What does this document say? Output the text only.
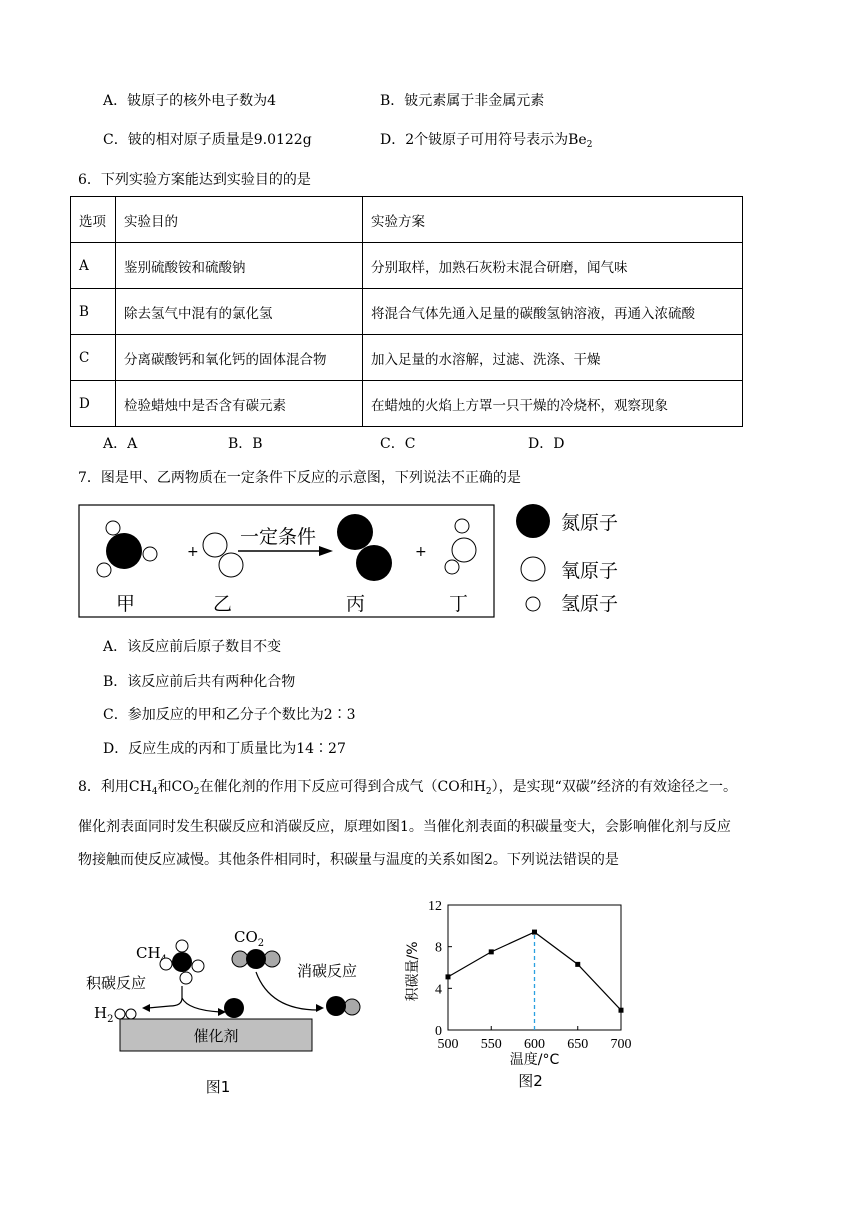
A．铍原子的核外电子数为4	B．铍元素属于非金属元素
C．铍的相对原子质量是9.0122g	D．2个铍原子可用符号表示为$Be_2$
6．下列实验方案能达到实验目的的是
选项	实验目的	实验方案
A	鉴别硫酸铵和硫酸钠	分别取样，加熟石灰粉末混合研磨，闻气味
B	除去氢气中混有的氯化氢	将混合气体先通入足量的碳酸氢钠溶液，再通入浓硫酸
C	分离碳酸钙和氧化钙的固体混合物	加入足量的水溶解，过滤、洗涤、干燥
D	检验蜡烛中是否含有碳元素	在蜡烛的火焰上方罩一只干燥的冷烧杯，观察现象
A．A	B．B	C．C	D．D
7．图是甲、乙两物质在一定条件下反应的示意图，下列说法不正确的是
+
一定条件
+
甲	乙	丙	丁
氮原子
氧原子
氢原子
A．该反应前后原子数目不变
B．该反应前后共有两种化合物
C．参加反应的甲和乙分子个数比为2∶3
D．反应生成的丙和丁质量比为14∶27
8．利用$CH_4$和$CO_2$在催化剂的作用下反应可得到合成气（CO和$H_2$），是实现“双碳”经济的有效途径之一。
催化剂表面同时发生积碳反应和消碳反应，原理如图1。当催化剂表面的积碳量变大，会影响催化剂与反应
物接触而使反应减慢。其他条件相同时，积碳量与温度的关系如图2。下列说法错误的是
CH
$CO_2$
积碳反应
消碳反应
$H_2$
催化剂
图1
0
4
8
12
500 550 600 650 700
温度/°C
积碳量/%
图2
